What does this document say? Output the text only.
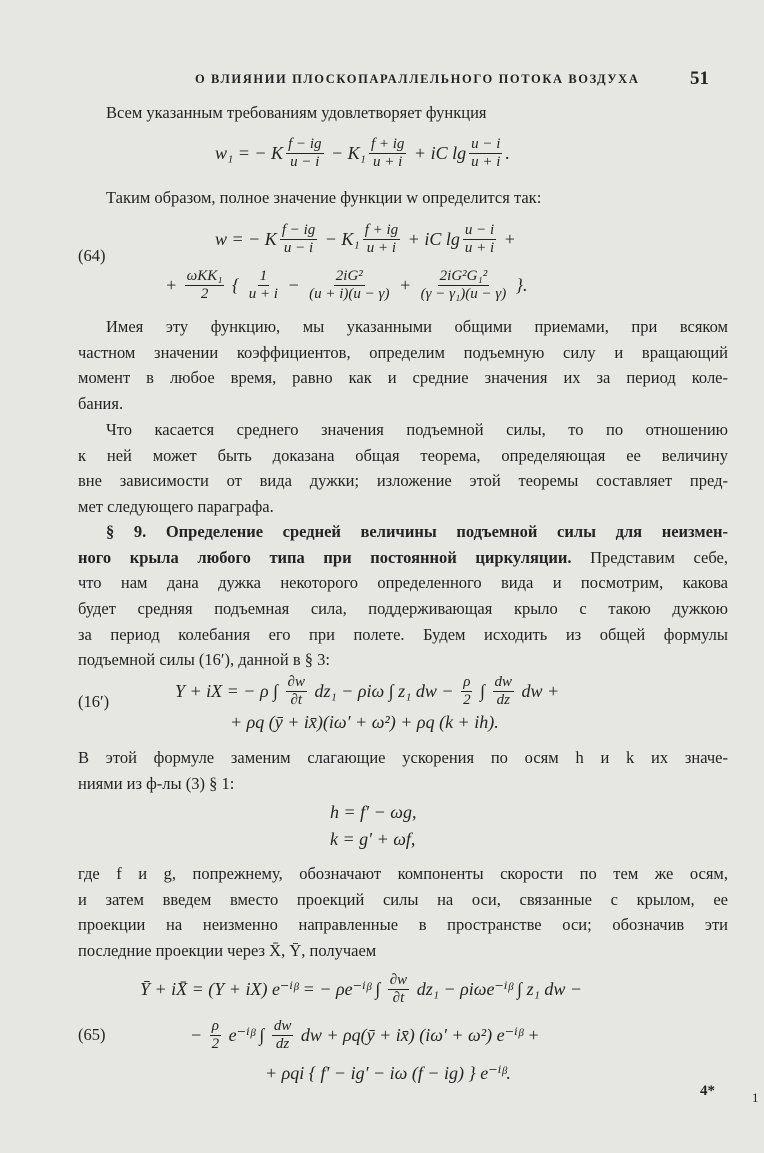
О ВЛИЯНИИ ПЛОСКОПАРАЛЛЕЛЬНОГО ПОТОКА ВОЗДУХА	51
Всем указанным требованиям удовлетворяет функция
w₁ = − K $\frac{f - ig}{u - i} - K_1 \frac{f + ig}{u + i}$ + iC $\lg \frac{u - i}{u + i}$ .
Таким образом, полное значение функции w определится так:
(64)
w = − K $\frac{f - ig}{u - i} - K_1 \frac{f + ig}{u + i}$ + iC $\lg \frac{u - i}{u + i}$ +
+ $\frac{\text{ωKK₁}}{2}$ { $\frac{1}{u + i} - \frac{\text{2iG²}}{(u + i)(u - \gamma)} + \frac{\text{2iG²G₁²}}{\text{(γ − γ₁)(u − γ)}}$ }.
Имея эту функцию, мы указанными общими приемами, при всяком
частном значении коэффициентов, определим подъемную силу и вращающий
момент в любое время, равно как и средние значения их за период коле-
бания.
Что касается среднего значения подъемной силы, то по отношению
к ней может быть доказана общая теорема, определяющая ее величину
вне зависимости от вида дужки; изложение этой теоремы составляет пред-
мет следующего параграфа.
§ 9. Определение средней величины подъемной силы для неизмен-
ного крыла любого типа при постоянной циркуляции. Представим себе,
что нам дана дужка некоторого определенного вида и посмотрим, какова
будет средняя подъемная сила, поддерживающая крыло с такою дужкою
за период колебания его при полете. Будем исходить из общей формулы
подъемной силы (16′), данной в § 3:
(16′)
Y + iX = − ρ ∫ $\frac{\partial w}{\partial t} dz_1 - \rho i\omega$ ∫ z₁ dw − $\frac{\rho}{2}$ ∫ $\frac{dw}{dz}$ dw +
+ ρq (ȳ + ix̄)(iω′ + ω²) + ρq (k + ih).
В этой формуле заменим слагающие ускорения по осям h и k их значе-
ниями из ф-лы (3) § 1:
h = f′ − ωg,
k = g′ + ωf,
где f и g, попрежнему, обозначают компоненты скорости по тем же осям,
и затем введем вместо проекций силы на оси, связанные с крылом, ее
проекции на неизменно направленные в пространстве оси; обозначив эти
последние проекции через X̄, Ȳ, получаем
(65)
Ȳ + iX̄ = (Y + iX) e⁻ⁱᵝ = − ρe⁻ⁱᵝ ∫ $\frac{\partial w}{\partial t} dz_1$ − ρiωe⁻ⁱᵝ ∫ z₁ dw −
− $\frac{\rho}{2}$ e⁻ⁱᵝ ∫ $\frac{dw}{dz}$ dw + ρq(ȳ + ix̄) (iω′ + ω²) e⁻ⁱᵝ +
+ ρqi { f′ − ig′ − iω (f − ig) } e⁻ⁱᵝ.
4*	1
